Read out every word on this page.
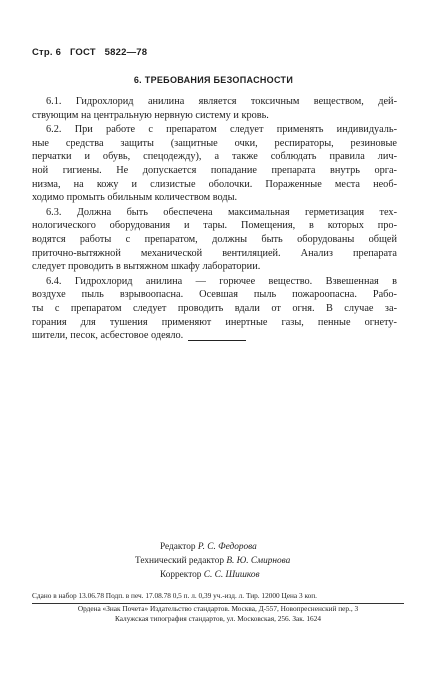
Стр. 6 ГОСТ 5822—78
6. ТРЕБОВАНИЯ БЕЗОПАСНОСТИ
6.1. Гидрохлорид анилина является токсичным веществом, дей-
ствующим на центральную нервную систему и кровь.
6.2. При работе с препаратом следует применять индивидуаль-
ные средства защиты (защитные очки, респираторы, резиновые
перчатки и обувь, спецодежду), а также соблюдать правила лич-
ной гигиены. Не допускается попадание препарата внутрь орга-
низма, на кожу и слизистые оболочки. Пораженные места необ-
ходимо промыть обильным количеством воды.
6.3. Должна быть обеспечена максимальная герметизация тех-
нологического оборудования и тары. Помещения, в которых про-
водятся работы с препаратом, должны быть оборудованы общей
приточно-вытяжной механической вентиляцией. Анализ препарата
следует проводить в вытяжном шкафу лаборатории.
6.4. Гидрохлорид анилина — горючее вещество. Взвешенная в
воздухе пыль взрывоопасна. Осевшая пыль пожароопасна. Рабо-
ты с препаратом следует проводить вдали от огня. В случае за-
горания для тушения применяют инертные газы, пенные огнету-
шители, песок, асбестовое одеяло.
Редактор Р. С. Федорова
Технический редактор В. Ю. Смирнова
Корректор С. С. Шишков
Сдано в набор 13.06.78 Подп. в печ. 17.08.78 0,5 п. л. 0,39 уч.-изд. л. Тир. 12000 Цена 3 коп.
Ордена «Знак Почета» Издательство стандартов. Москва, Д-557, Новопресненский пер., 3
Калужская типография стандартов, ул. Московская, 256. Зак. 1624
